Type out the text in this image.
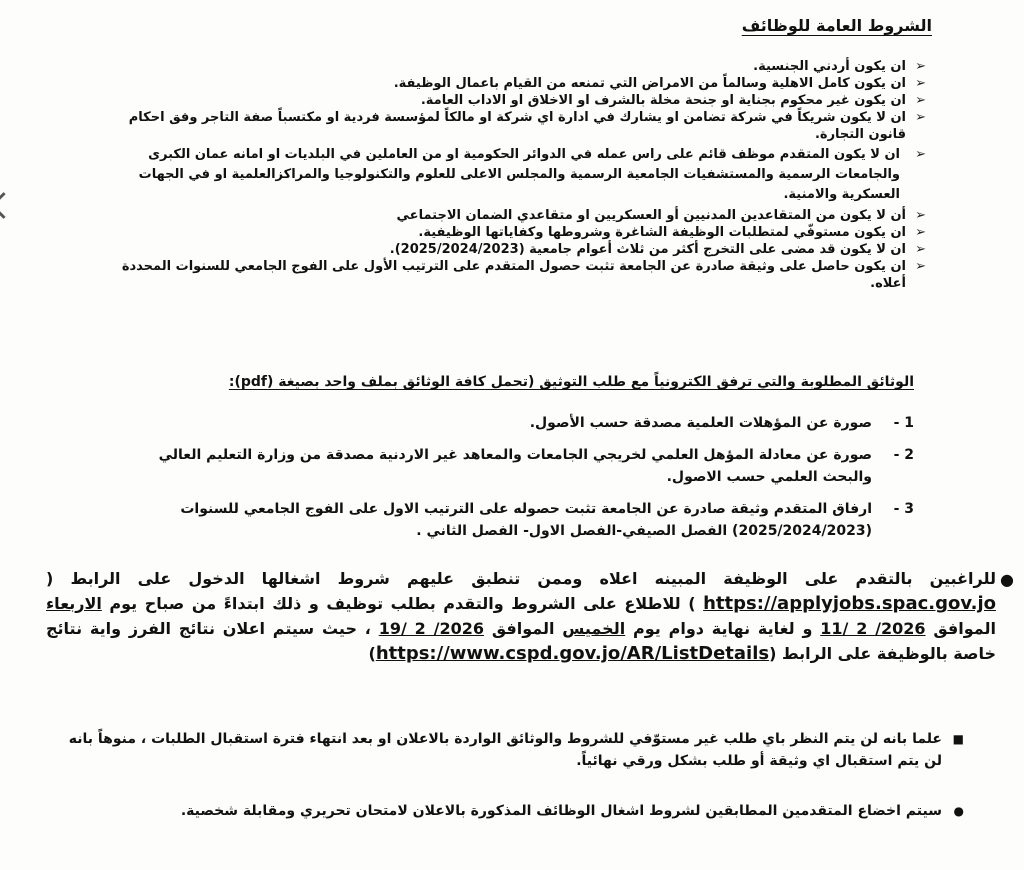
الشروط العامة للوظائف
➢
ان يكون أردني الجنسية.
➢
ان يكون كامل الاهلية وسالماً من الامراض التي تمنعه من القيام باعمال الوظيفة.
➢
ان يكون غير محكوم بجناية او جنحة مخلة بالشرف او الاخلاق او الاداب العامة.
➢
ان لا يكون شريكاً في شركة تضامن او يشارك في ادارة اي شركة او مالكاً لمؤسسة فردية او مكتسباً صفة التاجر وفق احكام قانون التجارة.
➢
ان لا يكون المتقدم موظف قائم على راس عمله في الدوائر الحكومية او من العاملين في البلديات او امانه عمان الكبرى والجامعات الرسمية والمستشفيات الجامعية الرسمية والمجلس الاعلى للعلوم والتكنولوجيا والمراكزالعلمية او في الجهات العسكرية والامنية.
➢
أن لا يكون من المتقاعدين المدنيين أو العسكريين او متقاعدي الضمان الاجتماعي
➢
ان يكون مستوفّي لمتطلبات الوظيفة الشاغرة وشروطها وكفاياتها الوظيفية.
➢
ان لا يكون قد مضى على التخرج أكثر من ثلاث أعوام جامعية (2025/2024/2023).
➢
ان يكون حاصل على وثيقة صادرة عن الجامعة تثبت حصول المتقدم على الترتيب الأول على الفوج الجامعي للسنوات المحددة أعلاه.
الوثائق المطلوبة والتي ترفق الكترونياً مع طلب التوثيق (تحمل كافة الوثائق بملف واحد بصيغة (pdf):
1 -
صورة عن المؤهلات العلمية مصدقة حسب الأصول.
2 -
صورة عن معادلة المؤهل العلمي لخريجي الجامعات والمعاهد غير الاردنية مصدقة من وزارة التعليم العالي والبحث العلمي حسب الاصول.
3 -
ارفاق المتقدم وثيقة صادرة عن الجامعة تثبت حصوله على الترتيب الاول على الفوج الجامعي للسنوات (2025/2024/2023) الفصل الصيفي-الفصل الاول- الفصل الثاني .
●
للراغبين بالتقدم على الوظيفة المبينه اعلاه وممن تنطبق عليهم شروط اشغالها الدخول على الرابط ( https://applyjobs.spac.gov.jo ) للاطلاع على الشروط والتقدم بطلب توظيف و ذلك ابتداءً من صباح يوم الاربعاء الموافق 11/ 2 /2026 و لغاية نهاية دوام يوم الخميس الموافق 19/ 2 /2026 ، حيث سيتم اعلان نتائج الفرز واية نتائج خاصة بالوظيفة على الرابط (https://www.cspd.gov.jo/AR/ListDetails)
■
علما بانه لن يتم النظر باي طلب غير مستوّفي للشروط والوثائق الواردة بالاعلان او بعد انتهاء فترة استقبال الطلبات ، منوهاً بانه لن يتم استقبال اي وثيقة أو طلب بشكل ورقي نهائياً.
●
سيتم اخضاع المتقدمين المطابقين لشروط اشغال الوظائف المذكورة بالاعلان لامتحان تحريري ومقابلة شخصية.
